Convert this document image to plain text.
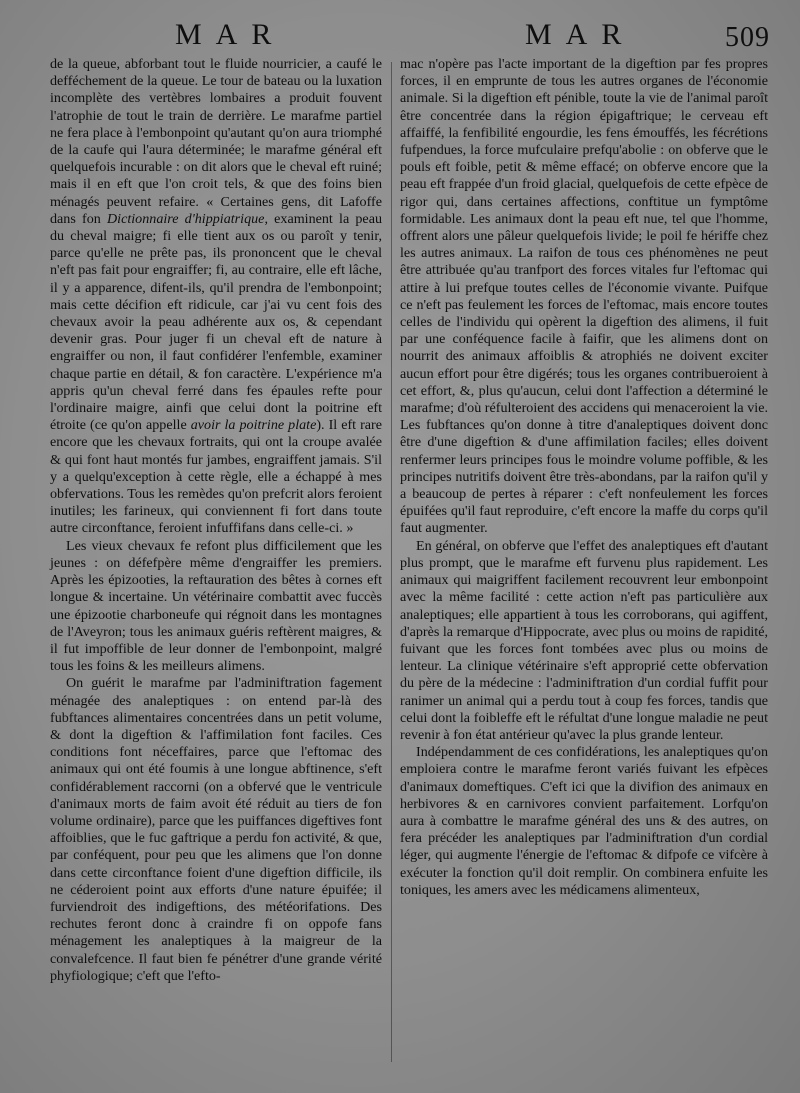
MAR	MAR	509

de la queue, abforbant tout le fluide nourricier, a caufé le defféchement de la queue. Le tour de bateau ou la luxation incomplète des vertèbres lombaires a produit fouvent l'atrophie de tout le train de derrière. Le marafme partiel ne fera place à l'embonpoint qu'autant qu'on aura triomphé de la caufe qui l'aura déterminée; le marafme général eft quelquefois incurable : on dit alors que le cheval eft ruiné; mais il en eft que l'on croit tels, & que des foins bien ménagés peuvent refaire. « Certaines gens, dit Lafoffe dans fon Dictionnaire d'hippiatrique, examinent la peau du cheval maigre; fi elle tient aux os ou paroît y tenir, parce qu'elle ne prête pas, ils prononcent que le cheval n'eft pas fait pour engraiffer; fi, au contraire, elle eft lâche, il y a apparence, difent-ils, qu'il prendra de l'embonpoint; mais cette décifion eft ridicule, car j'ai vu cent fois des chevaux avoir la peau adhérente aux os, & cependant devenir gras. Pour juger fi un cheval eft de nature à engraiffer ou non, il faut confidérer l'enfemble, examiner chaque partie en détail, & fon caractère. L'expérience m'a appris qu'un cheval ferré dans fes épaules refte pour l'ordinaire maigre, ainfi que celui dont la poitrine eft étroite (ce qu'on appelle avoir la poitrine plate). Il eft rare encore que les chevaux fortraits, qui ont la croupe avalée & qui font haut montés fur jambes, engraiffent jamais. S'il y a quelqu'exception à cette règle, elle a échappé à mes obfervations. Tous les remèdes qu'on prefcrit alors feroient inutiles; les farineux, qui conviennent fi fort dans toute autre circonftance, feroient infuffifans dans celle-ci. »

Les vieux chevaux fe refont plus difficilement que les jeunes : on défefpère même d'engraiffer les premiers. Après les épizooties, la reftauration des bêtes à cornes eft longue & incertaine. Un vétérinaire combattit avec fuccès une épizootie charboneufe qui régnoit dans les montagnes de l'Aveyron; tous les animaux guéris reftèrent maigres, & il fut impoffible de leur donner de l'embonpoint, malgré tous les foins & les meilleurs alimens.

On guérit le marafme par l'adminiftration fagement ménagée des analeptiques : on entend par-là des fubftances alimentaires concentrées dans un petit volume, & dont la digeftion & l'affimilation font faciles. Ces conditions font néceffaires, parce que l'eftomac des animaux qui ont été foumis à une longue abftinence, s'eft confidérablement raccorni (on a obfervé que le ventricule d'animaux morts de faim avoit été réduit au tiers de fon volume ordinaire), parce que les puiffances digeftives font affoiblies, que le fuc gaftrique a perdu fon activité, & que, par conféquent, pour peu que les alimens que l'on donne dans cette circonftance foient d'une digeftion difficile, ils ne céderoient point aux efforts d'une nature épuifée; il furviendroit des indigeftions, des météorifations. Des rechutes feront donc à craindre fi on oppofe fans ménagement les analeptiques à la maigreur de la convalefcence. Il faut bien fe pénétrer d'une grande vérité phyfiologique; c'eft que l'efto-

mac n'opère pas l'acte important de la digeftion par fes propres forces, il en emprunte de tous les autres organes de l'économie animale. Si la digeftion eft pénible, toute la vie de l'animal paroît être concentrée dans la région épigaftrique; le cerveau eft affaiffé, la fenfibilité engourdie, les fens émouffés, les fécrétions fufpendues, la force mufculaire prefqu'abolie : on obferve que le pouls eft foible, petit & même effacé; on obferve encore que la peau eft frappée d'un froid glacial, quelquefois de cette efpèce de rigor qui, dans certaines affections, conftitue un fymptôme formidable. Les animaux dont la peau eft nue, tel que l'homme, offrent alors une pâleur quelquefois livide; le poil fe hériffe chez les autres animaux. La raifon de tous ces phénomènes ne peut être attribuée qu'au tranfport des forces vitales fur l'eftomac qui attire à lui prefque toutes celles de l'économie vivante. Puifque ce n'eft pas feulement les forces de l'eftomac, mais encore toutes celles de l'individu qui opèrent la digeftion des alimens, il fuit par une conféquence facile à faifir, que les alimens dont on nourrit des animaux affoiblis & atrophiés ne doivent exciter aucun effort pour être digérés; tous les organes contribueroient à cet effort, &, plus qu'aucun, celui dont l'affection a déterminé le marafme; d'où réfulteroient des accidens qui menaceroient la vie. Les fubftances qu'on donne à titre d'analeptiques doivent donc être d'une digeftion & d'une affimilation faciles; elles doivent renfermer leurs principes fous le moindre volume poffible, & les principes nutritifs doivent être très-abondans, par la raifon qu'il y a beaucoup de pertes à réparer : c'eft nonfeulement les forces épuifées qu'il faut reproduire, c'eft encore la maffe du corps qu'il faut augmenter.

En général, on obferve que l'effet des analeptiques eft d'autant plus prompt, que le marafme eft furvenu plus rapidement. Les animaux qui maigriffent facilement recouvrent leur embonpoint avec la même facilité : cette action n'eft pas particulière aux analeptiques; elle appartient à tous les corroborans, qui agiffent, d'après la remarque d'Hippocrate, avec plus ou moins de rapidité, fuivant que les forces font tombées avec plus ou moins de lenteur. La clinique vétérinaire s'eft approprié cette obfervation du père de la médecine : l'adminiftration d'un cordial fuffit pour ranimer un animal qui a perdu tout à coup fes forces, tandis que celui dont la foibleffe eft le réfultat d'une longue maladie ne peut revenir à fon état antérieur qu'avec la plus grande lenteur.

Indépendamment de ces confidérations, les analeptiques qu'on emploiera contre le marafme feront variés fuivant les efpèces d'animaux domeftiques. C'eft ici que la divifion des animaux en herbivores & en carnivores convient parfaitement. Lorfqu'on aura à combattre le marafme général des uns & des autres, on fera précéder les analeptiques par l'adminiftration d'un cordial léger, qui augmente l'énergie de l'eftomac & difpofe ce vifcère à exécuter la fonction qu'il doit remplir. On combinera enfuite les toniques, les amers avec les médicamens alimenteux,
